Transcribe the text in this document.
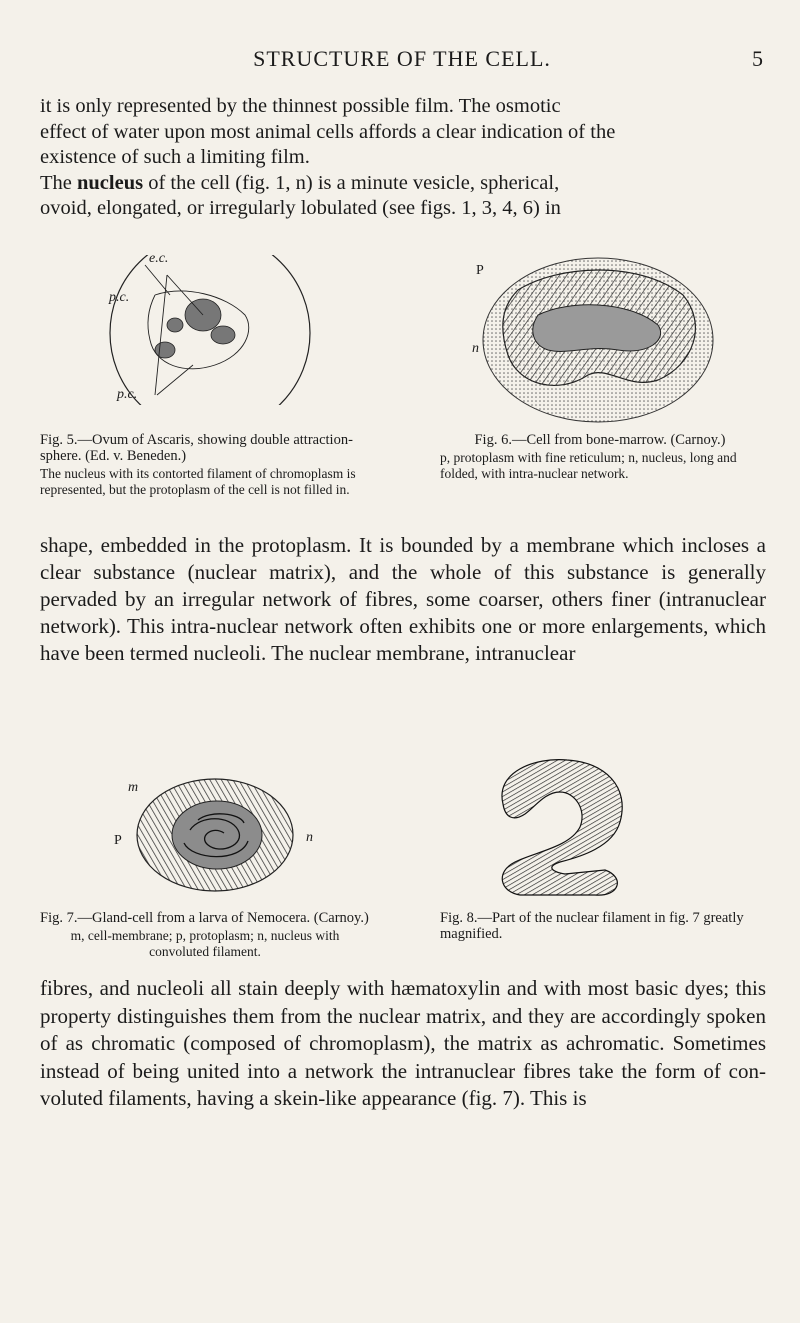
STRUCTURE OF THE CELL.	5

it is only represented by the thinnest possible film. The osmotic

effect of water upon most animal cells affords a clear indication of the

existence of such a limiting film.

The nucleus of the cell (fig. 1, n) is a minute vesicle, spherical,

ovoid, elongated, or irregularly lobulated (see figs. 1, 3, 4, 6) in

e.c.
p.c.
p.c.
Fig. 5.—Ovum of Ascaris, showing double attraction-sphere. (Ed. v. Beneden.)
The nucleus with its contorted filament of chromoplasm is represented, but the protoplasm of the cell is not filled in.
P
n
Fig. 6.—Cell from bone-marrow. (Carnoy.)
p, protoplasm with fine reticulum; n, nucleus, long and folded, with intra-nuclear network.

shape, embedded in the protoplasm. It is bounded by a membrane which incloses a clear substance (nuclear matrix), and the whole of this substance is generally pervaded by an irregular network of fibres, some coarser, others finer (intranuclear network). This intra-nuclear network often exhibits one or more enlargements, which have been termed nucleoli. The nuclear membrane, intranuclear

m
P	n
Fig. 7.—Gland-cell from a larva of Nemocera. (Carnoy.)
m, cell-membrane; p, protoplasm; n, nucleus with convoluted filament.
Fig. 8.—Part of the nuclear filament in fig. 7 greatly magnified.

fibres, and nucleoli all stain deeply with hæmatoxylin and with most basic dyes; this property distinguishes them from the nuclear matrix, and they are accordingly spoken of as chromatic (composed of chromoplasm), the matrix as achromatic. Sometimes instead of being united into a network the intranuclear fibres take the form of con-voluted filaments, having a skein-like appearance (fig. 7). This is
